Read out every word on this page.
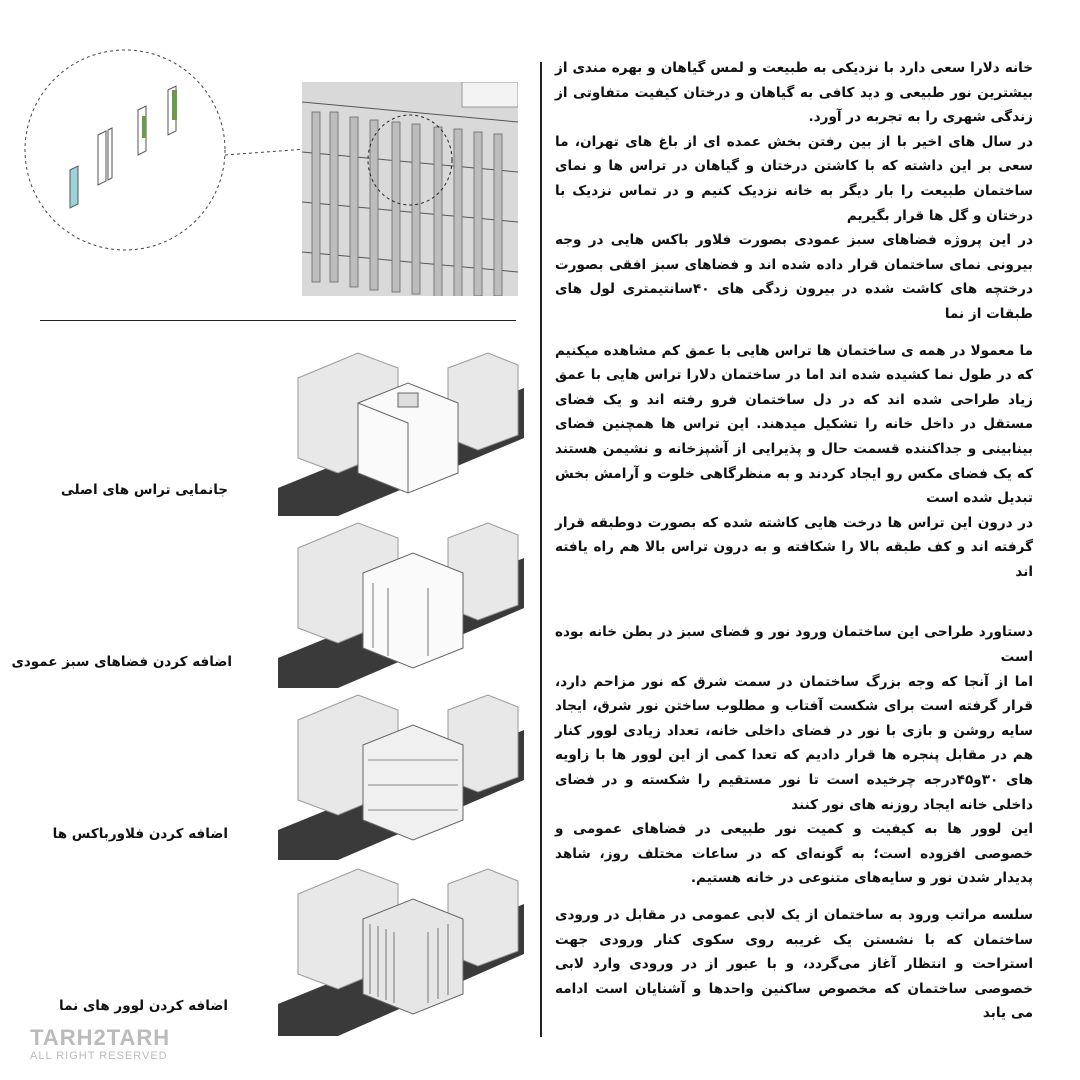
جانمایی تراس های اصلی
اضافه کردن فضاهای سبز عمودی
اضافه کردن فلاورباکس ها
اضافه کردن لوور های نما
TARH2TARH
ALL RIGHT RESERVED

خانه دلارا سعی دارد با نزدیکی به طبیعت و لمس گیاهان و بهره مندی از بیشترین نور طبیعی و دید کافی به گیاهان و درختان کیفیت متفاوتی از زندگی شهری را به تجربه در آورد.

در سال های اخیر با از بین رفتن بخش عمده ای از باغ های تهران، ما سعی بر این داشته که با کاشتن درختان و گیاهان در تراس ها و نمای ساختمان طبیعت را بار دیگر به خانه نزدیک کنیم و در تماس نزدیک با درختان و گل ها قرار بگیریم

در این پروژه فضاهای سبز عمودی بصورت فلاور باکس هایی در وجه بیرونی نمای ساختمان قرار داده شده اند و فضاهای سبز افقی بصورت درختچه های کاشت شده در بیرون زدگی های ۴۰سانتیمتری لول های طبقات از نما

ما معمولا در همه ی ساختمان ها تراس هایی با عمق کم مشاهده میکنیم که در طول نما کشیده شده اند اما در ساختمان دلارا تراس هایی با عمق زیاد طراحی شده اند که در دل ساختمان فرو رفته اند و یک فضای مستقل در داخل خانه را تشکیل میدهند. این تراس ها همچنین فضای بینابینی و جداکننده قسمت حال و پذیرایی از آشپزخانه و نشیمن هستند که یک فضای مکس رو ایجاد کردند و به منظرگاهی خلوت و آرامش بخش تبدیل شده است

در درون این تراس ها درخت هایی کاشته شده که بصورت دوطبقه قرار گرفته اند و کف طبقه بالا را شکافته و به درون تراس بالا هم راه یافته اند

دستاورد طراحی این ساختمان ورود نور و فضای سبز در بطن خانه بوده است

اما از آنجا که وجه بزرگ ساختمان در سمت شرق که نور مزاحم دارد، قرار گرفته است برای شکست آفتاب و مطلوب ساختن نور شرق، ایجاد سایه روشن و بازی با نور در فضای داخلی خانه، تعداد زیادی لوور کنار هم در مقابل پنجره ها قرار دادیم که تعدا کمی از این لوور ها با زاویه های ۳۰و۴۵درجه چرخیده است تا نور مستقیم را شکسته و در فضای داخلی خانه ایجاد روزنه های نور کنند

این لوور ها به کیفیت و کمیت نور طبیعی در فضاهای عمومی و خصوصی افزوده است؛ به گونه‌ای که در ساعات مختلف روز، شاهد پدیدار شدن نور و سایه‌های متنوعی در خانه هستیم.

سلسه مراتب ورود به ساختمان از یک لابی عمومی در مقابل در ورودی ساختمان که با نشستن یک غریبه روی سکوی کنار ورودی جهت استراحت و انتظار آغاز می‌گردد، و با عبور از در ورودی وارد لابی خصوصی ساختمان که مخصوص ساکنین واحدها و آشنایان است ادامه می یابد
